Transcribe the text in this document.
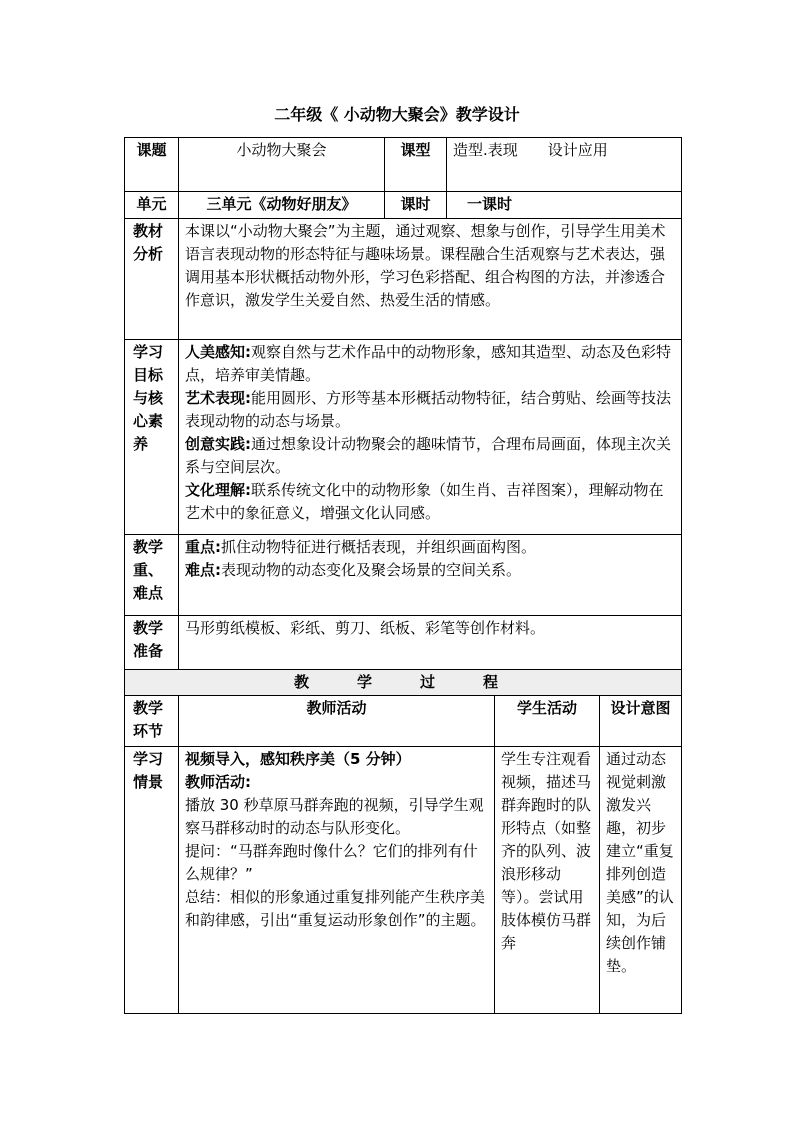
二年级《 小动物大聚会》教学设计
课题	小动物大聚会	课型	造型.表现　　设计应用		
单元	三单元《动物好朋友》	课时	一课时		
教材分析	本课以“小动物大聚会”为主题，通过观察、想象与创作，引导学生用美术语言表现动物的形态特征与趣味场景。课程融合生活观察与艺术表达，强调用基本形状概括动物外形，学习色彩搭配、组合构图的方法，并渗透合作意识，激发学生关爱自然、热爱生活的情感。				
学习目标与核心素养	人美感知:观察自然与艺术作品中的动物形象，感知其造型、动态及色彩特点，培养审美情趣。

艺术表现:能用圆形、方形等基本形概括动物特征，结合剪贴、绘画等技法表现动物的动态与场景。

创意实践:通过想象设计动物聚会的趣味情节，合理布局画面，体现主次关系与空间层次。

文化理解:联系传统文化中的动物形象（如生肖、吉祥图案），理解动物在艺术中的象征意义，增强文化认同感。				

教学重、难点	重点:抓住动物特征进行概括表现，并组织画面构图。

难点:表现动物的动态变化及聚会场景的空间关系。				

教学准备	马形剪纸模板、彩纸、剪刀、纸板、彩笔等创作材料。				
教学过程					
教学环节	教师活动			学生活动	设计意图
学习情景	视频导入，感知秩序美（5 分钟）

教师活动:

播放 30 秒草原马群奔跑的视频，引导学生观察马群移动时的动态与队形变化。

提问：“马群奔跑时像什么？它们的排列有什么规律？”

总结：相似的形象通过重复排列能产生秩序美和韵律感，引出“重复运动形象创作”的主题。			学生专注观看视频，描述马群奔跑时的队形特点（如整齐的队列、波浪形移动等）。尝试用肢体模仿马群奔	通过动态视觉刺激激发兴趣，初步建立“重复排列创造美感”的认知，为后续创作铺垫。
